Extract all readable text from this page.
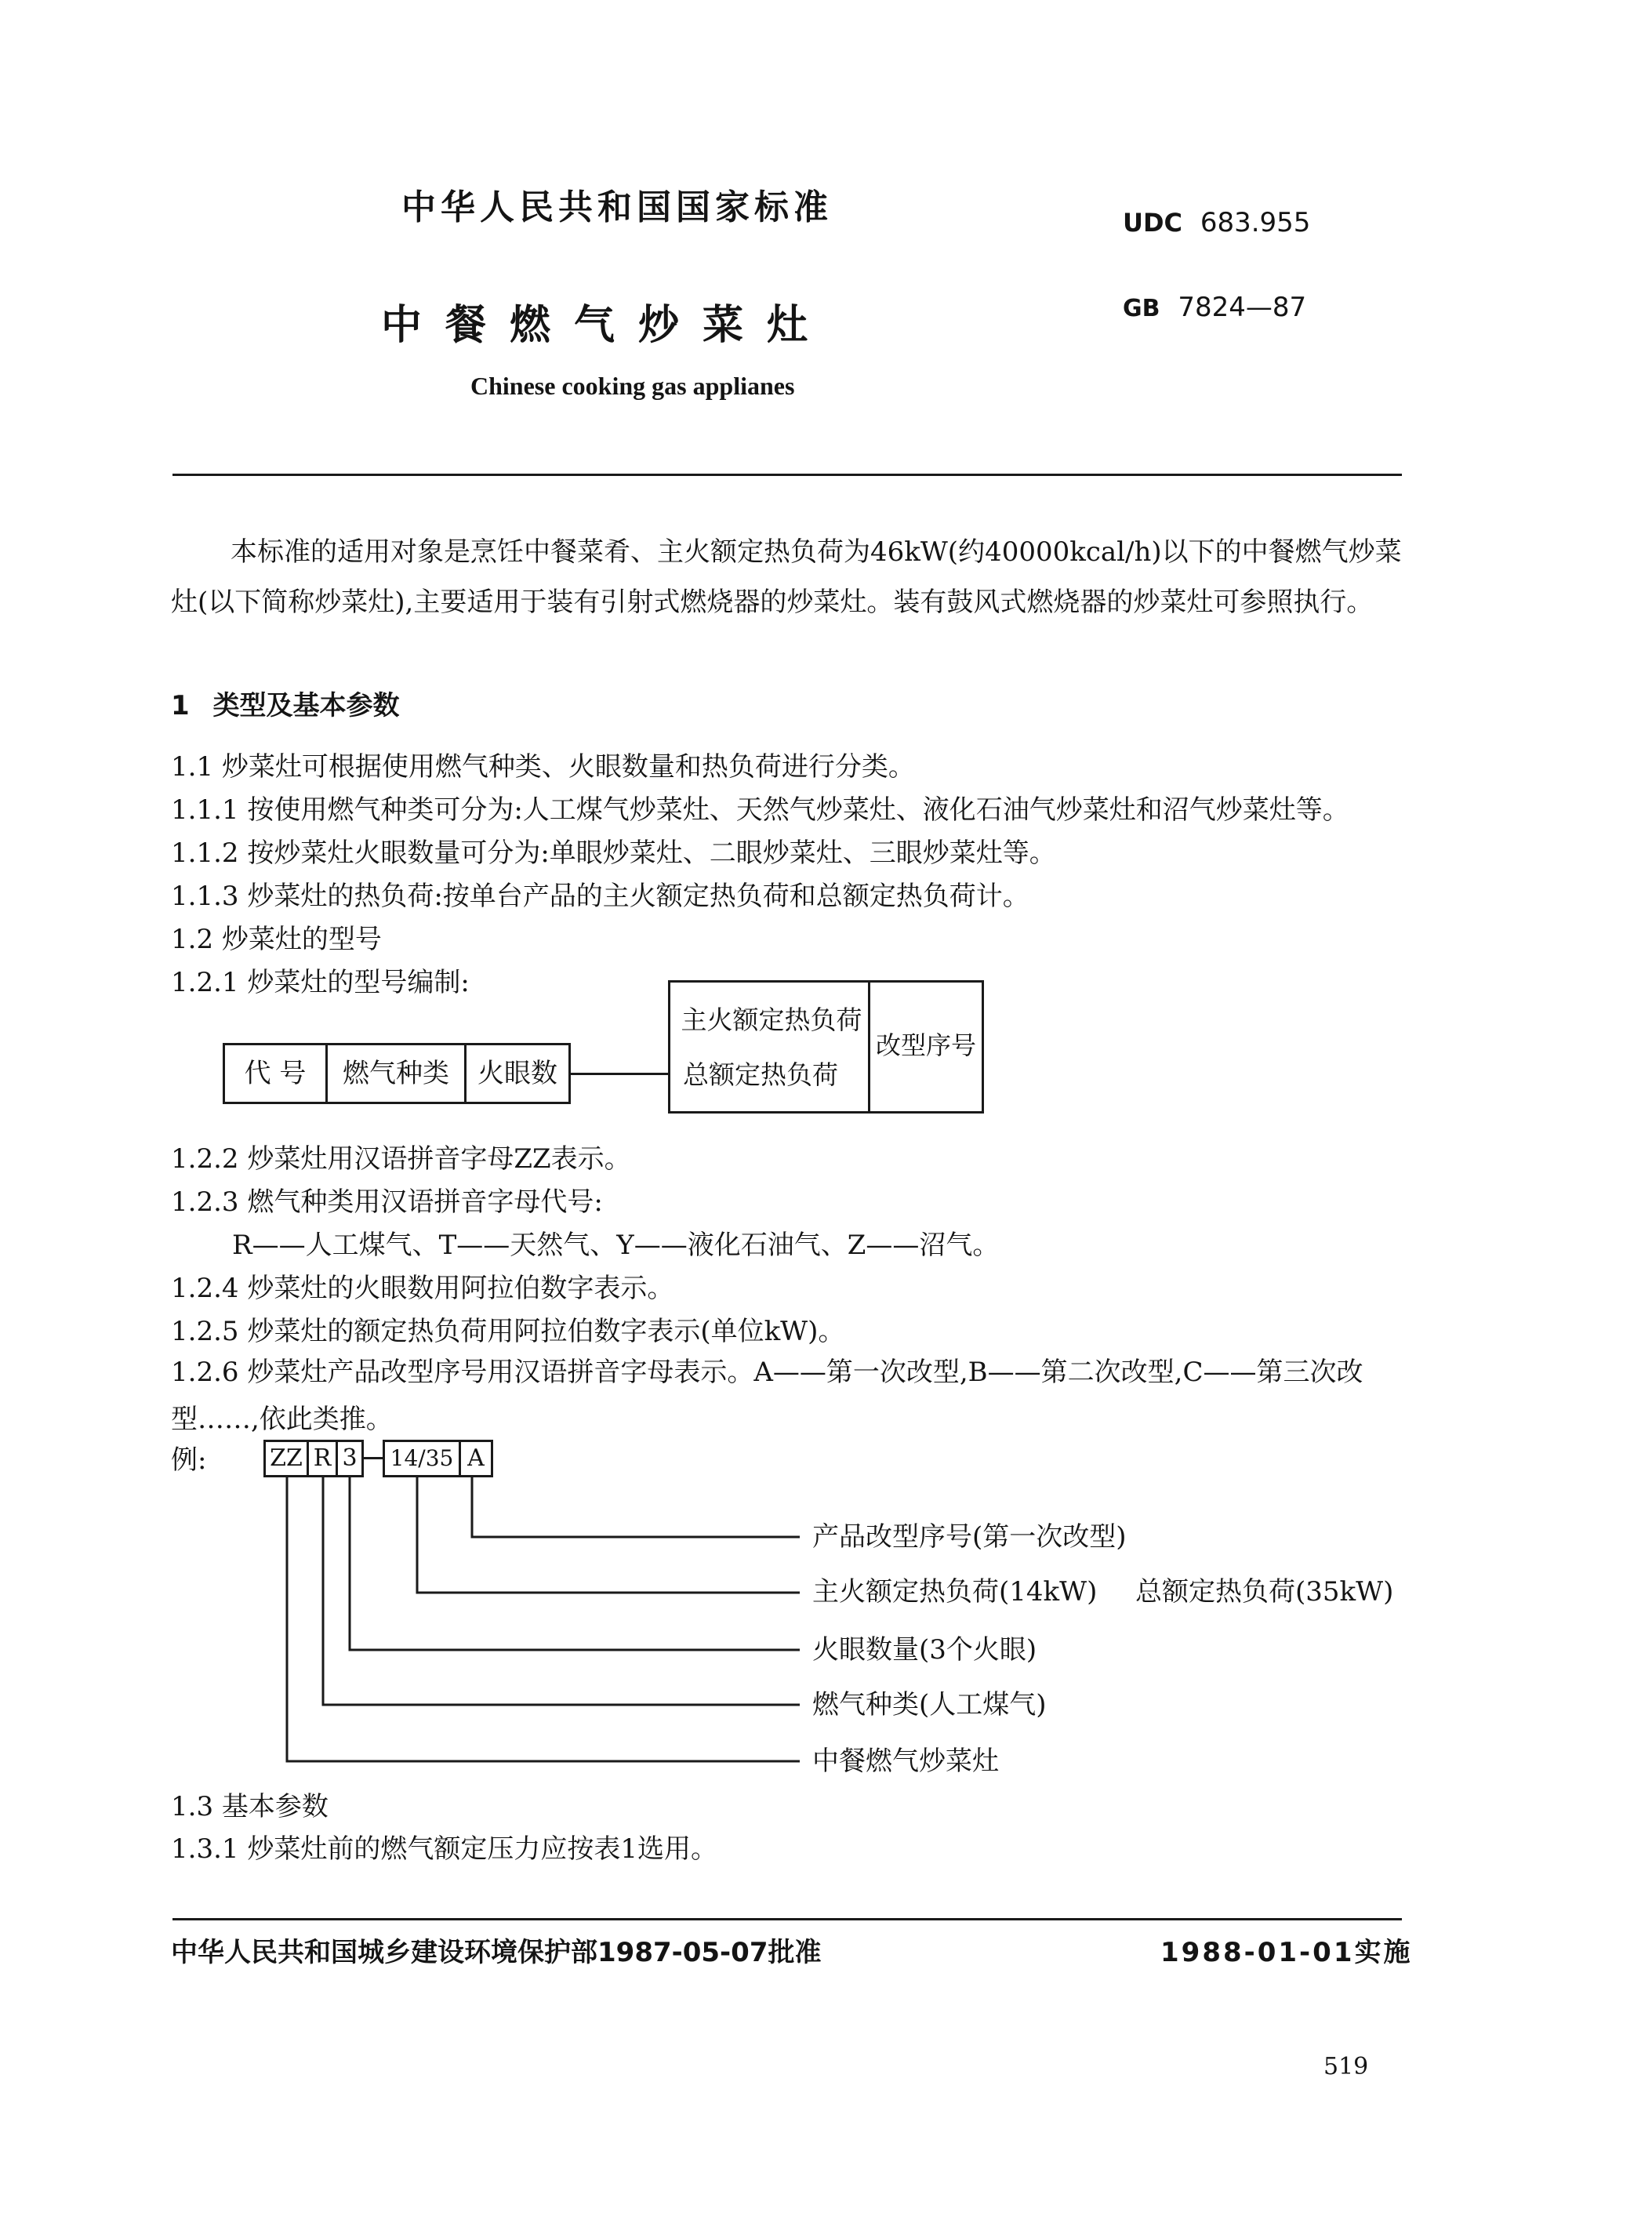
中华人民共和国国家标准	UDC 683.955
中餐燃气炒菜灶	GB 7824—87
Chinese cooking gas applianes
本标准的适用对象是烹饪中餐菜肴、主火额定热负荷为46kW(约40000kcal/h)以下的中餐燃气炒菜灶(以下简称炒菜灶),主要适用于装有引射式燃烧器的炒菜灶。装有鼓风式燃烧器的炒菜灶可参照执行。
1 类型及基本参数
1.1 炒菜灶可根据使用燃气种类、火眼数量和热负荷进行分类。
1.1.1 按使用燃气种类可分为:人工煤气炒菜灶、天然气炒菜灶、液化石油气炒菜灶和沼气炒菜灶等。
1.1.2 按炒菜灶火眼数量可分为:单眼炒菜灶、二眼炒菜灶、三眼炒菜灶等。
1.1.3 炒菜灶的热负荷:按单台产品的主火额定热负荷和总额定热负荷计。
1.2 炒菜灶的型号
1.2.1 炒菜灶的型号编制:
代 号	燃气种类	火眼数
主火额定热负荷
总额定热负荷
改型序号
1.2.2 炒菜灶用汉语拼音字母ZZ表示。
1.2.3 燃气种类用汉语拼音字母代号:
R——人工煤气、T——天然气、Y——液化石油气、Z——沼气。
1.2.4 炒菜灶的火眼数用阿拉伯数字表示。
1.2.5 炒菜灶的额定热负荷用阿拉伯数字表示(单位kW)。
1.2.6 炒菜灶产品改型序号用汉语拼音字母表示。A——第一次改型,B——第二次改型,C——第三次改型……,依此类推。
例:	ZZ R 3 14/35 A
产品改型序号(第一次改型)
主火额定热负荷(14kW) 总额定热负荷(35kW)
火眼数量(3个火眼)
燃气种类(人工煤气)
中餐燃气炒菜灶
1.3 基本参数
1.3.1 炒菜灶前的燃气额定压力应按表1选用。
中华人民共和国城乡建设环境保护部1987-05-07批准	1988-01-01实施
519
